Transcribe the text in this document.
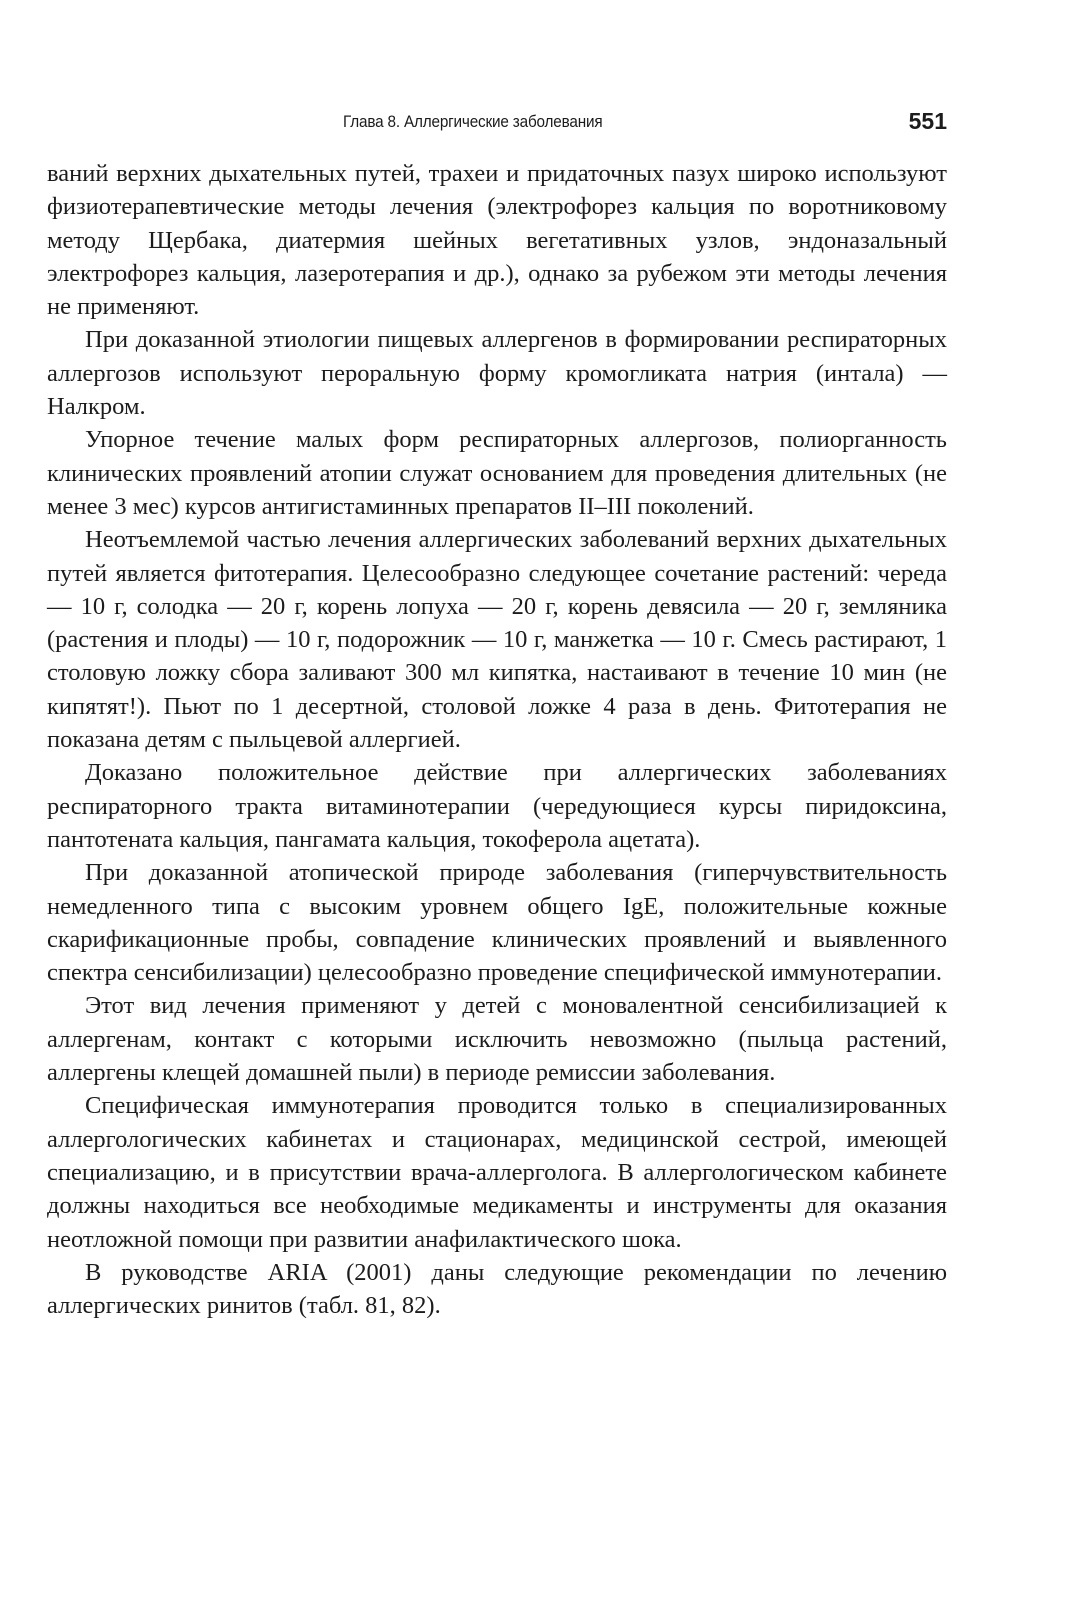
Глава 8. Аллергические заболевания	551

ваний верхних дыхательных путей, трахеи и придаточных пазух широко используют физиотерапевтические методы лечения (электрофорез кальция по воротниковому методу Щербака, диатермия шейных вегетативных узлов, эндоназальный электрофорез кальция, лазеротерапия и др.), однако за рубежом эти методы лечения не применяют.

При доказанной этиологии пищевых аллергенов в формировании респираторных аллергозов используют пероральную форму кромогликата натрия (интала) — Налкром.

Упорное течение малых форм респираторных аллергозов, полиорганность клинических проявлений атопии служат основанием для проведения длительных (не менее 3 мес) курсов антигистаминных препаратов II–III поколений.

Неотъемлемой частью лечения аллергических заболеваний верхних дыхательных путей является фитотерапия. Целесообразно следующее сочетание растений: череда — 10 г, солодка — 20 г, корень лопуха — 20 г, корень девясила — 20 г, земляника (растения и плоды) — 10 г, подорожник — 10 г, манжетка — 10 г. Смесь растирают, 1 столовую ложку сбора заливают 300 мл кипятка, настаивают в течение 10 мин (не кипятят!). Пьют по 1 десертной, столовой ложке 4 раза в день. Фитотерапия не показана детям с пыльцевой аллергией.

Доказано положительное действие при аллергических заболеваниях респираторного тракта витаминотерапии (чередующиеся курсы пиридоксина, пантотената кальция, пангамата кальция, токоферола ацетата).

При доказанной атопической природе заболевания (гиперчувствительность немедленного типа с высоким уровнем общего IgE, положительные кожные скарификационные пробы, совпадение клинических проявлений и выявленного спектра сенсибилизации) целесообразно проведение специфической иммунотерапии.

Этот вид лечения применяют у детей с моновалентной сенсибилизацией к аллергенам, контакт с которыми исключить невозможно (пыльца растений, аллергены клещей домашней пыли) в периоде ремиссии заболевания.

Специфическая иммунотерапия проводится только в специализированных аллергологических кабинетах и стационарах, медицинской сестрой, имеющей специализацию, и в присутствии врача-аллерголога. В аллергологическом кабинете должны находиться все необходимые медикаменты и инструменты для оказания неотложной помощи при развитии анафилактического шока.

В руководстве ARIA (2001) даны следующие рекомендации по лечению аллергических ринитов (табл. 81, 82).
